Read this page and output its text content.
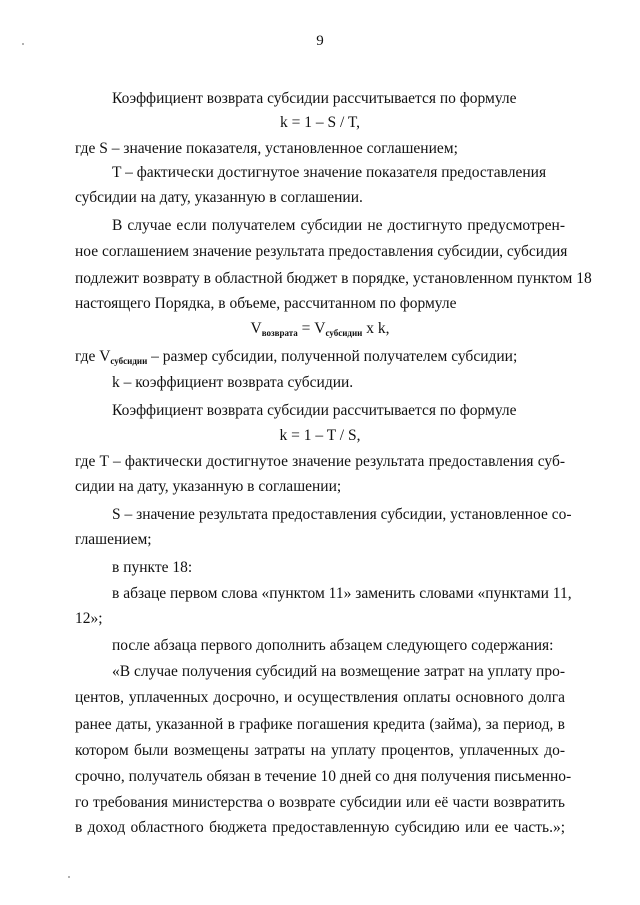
9
Коэффициент возврата субсидии рассчитывается по формуле
k = 1 – S / T,
где S – значение показателя, установленное соглашением;
T – фактически достигнутое значение показателя предоставления
субсидии на дату, указанную в соглашении.
В случае если получателем субсидии не достигнуто предусмотрен-
ное соглашением значение результата предоставления субсидии, субсидия
подлежит возврату в областной бюджет в порядке, установленном пунктом 18
настоящего Порядка, в объеме, рассчитанном по формуле
$V_{возврата} = V_{субсидии}$ х k,
где $V_{субсидии}$ – размер субсидии, полученной получателем субсидии;
k – коэффициент возврата субсидии.
Коэффициент возврата субсидии рассчитывается по формуле
k = 1 – T / S,
где T – фактически достигнутое значение результата предоставления суб-
сидии на дату, указанную в соглашении;
S – значение результата предоставления субсидии, установленное со-
глашением;
в пункте 18:
в абзаце первом слова «пунктом 11» заменить словами «пунктами 11,
12»;
после абзаца первого дополнить абзацем следующего содержания:
«В случае получения субсидий на возмещение затрат на уплату про-
центов, уплаченных досрочно, и осуществления оплаты основного долга
ранее даты, указанной в графике погашения кредита (займа), за период, в
котором были возмещены затраты на уплату процентов, уплаченных до-
срочно, получатель обязан в течение 10 дней со дня получения письменно-
го требования министерства о возврате субсидии или её части возвратить
в доход областного бюджета предоставленную субсидию или ее часть.»;
